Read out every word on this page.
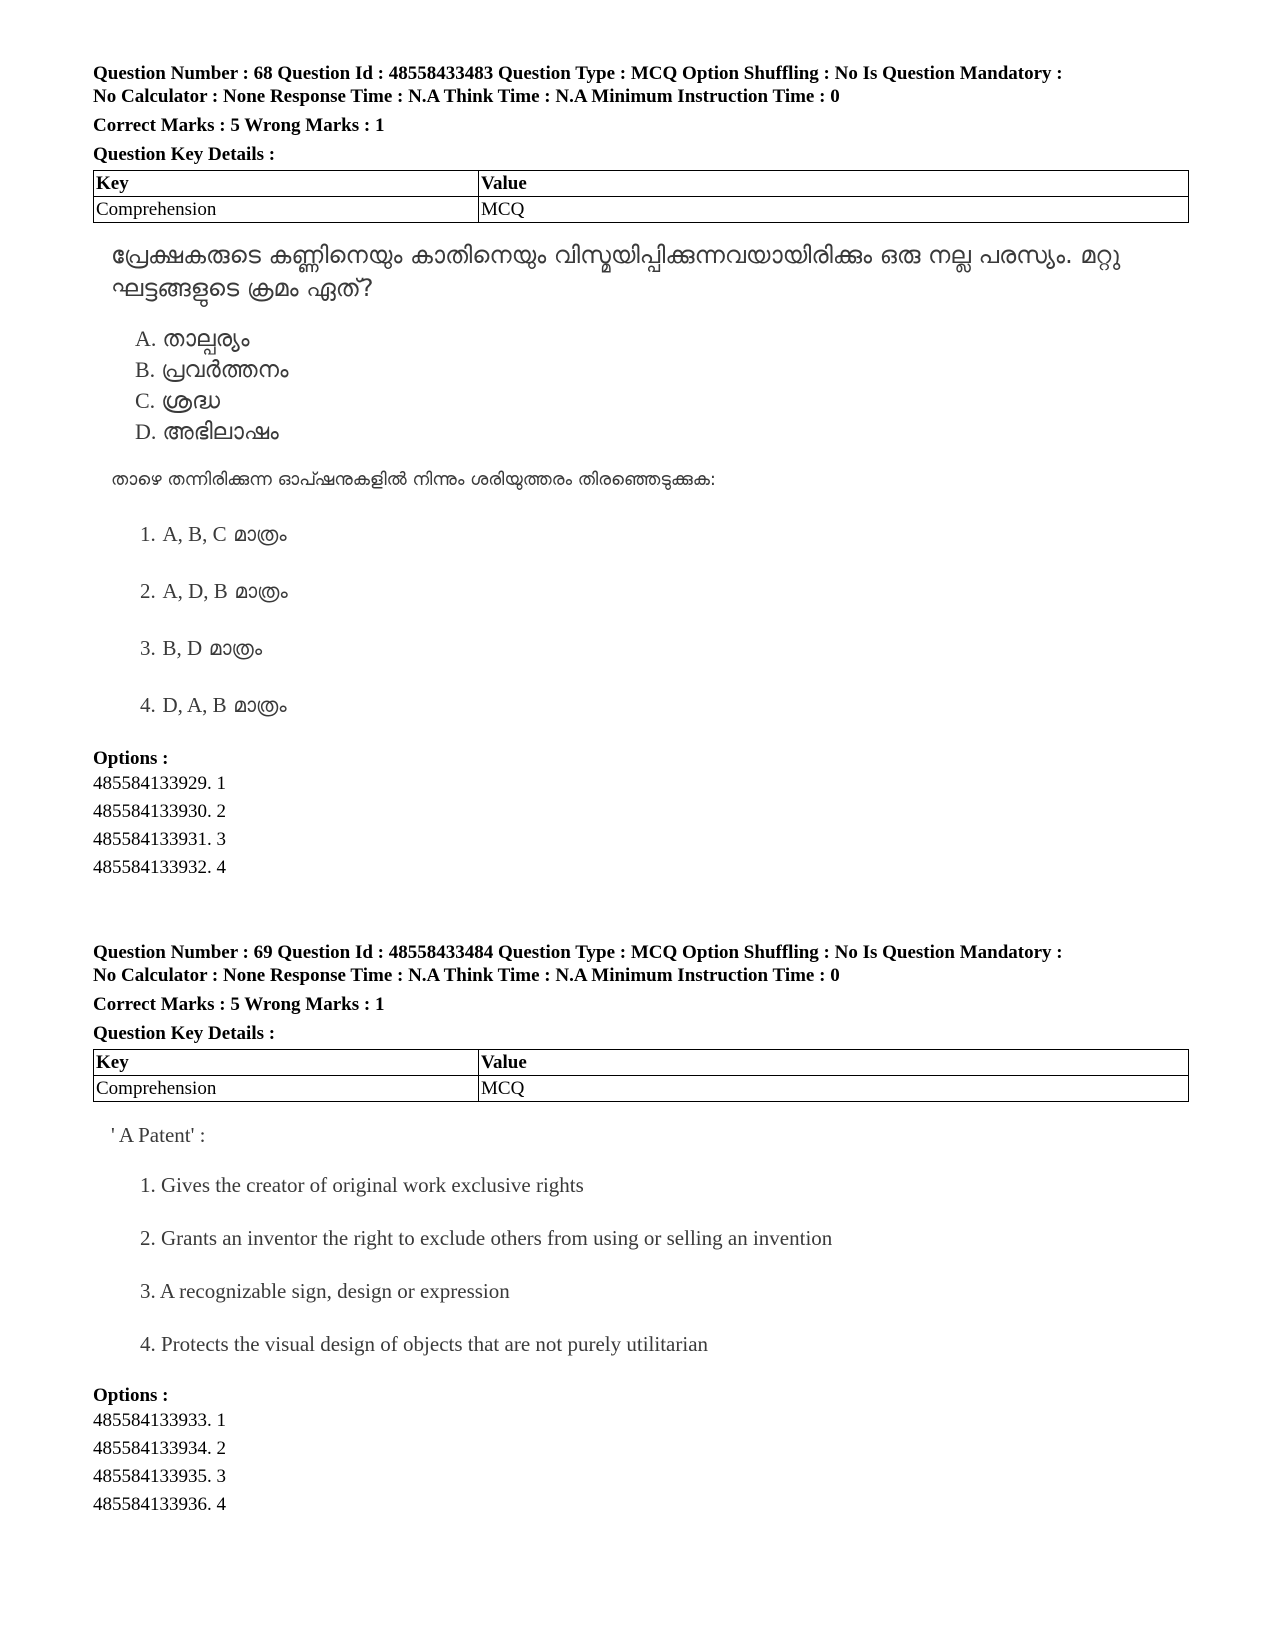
Question Number : 68 Question Id : 48558433483 Question Type : MCQ Option Shuffling : No Is Question Mandatory :
No Calculator : None Response Time : N.A Think Time : N.A Minimum Instruction Time : 0
Correct Marks : 5 Wrong Marks : 1
Question Key Details :
Key	Value
Comprehension	MCQ
പ്രേക്ഷകരുടെ കണ്ണിനെയും കാതിനെയും വിസ്മയിപ്പിക്കുന്നവയായിരിക്കും ഒരു നല്ല പരസ്യം. മറ്റു ഘട്ടങ്ങളുടെ ക്രമം ഏത്?
A. താല്പര്യം
B. പ്രവർത്തനം
C. ശ്രദ്ധ
D. അഭിലാഷം
താഴെ തന്നിരിക്കുന്ന ഓപ്ഷനുകളിൽ നിന്നും ശരിയുത്തരം തിരഞ്ഞെടുക്കുക:
1. A, B, C മാത്രം
2. A, D, B മാത്രം
3. B, D മാത്രം
4. D, A, B മാത്രം
Options :
485584133929. 1
485584133930. 2
485584133931. 3
485584133932. 4
Question Number : 69 Question Id : 48558433484 Question Type : MCQ Option Shuffling : No Is Question Mandatory :
No Calculator : None Response Time : N.A Think Time : N.A Minimum Instruction Time : 0
Correct Marks : 5 Wrong Marks : 1
Question Key Details :
Key	Value
Comprehension	MCQ
' A Patent' :
1. Gives the creator of original work exclusive rights
2. Grants an inventor the right to exclude others from using or selling an invention
3. A recognizable sign, design or expression
4. Protects the visual design of objects that are not purely utilitarian
Options :
485584133933. 1
485584133934. 2
485584133935. 3
485584133936. 4
